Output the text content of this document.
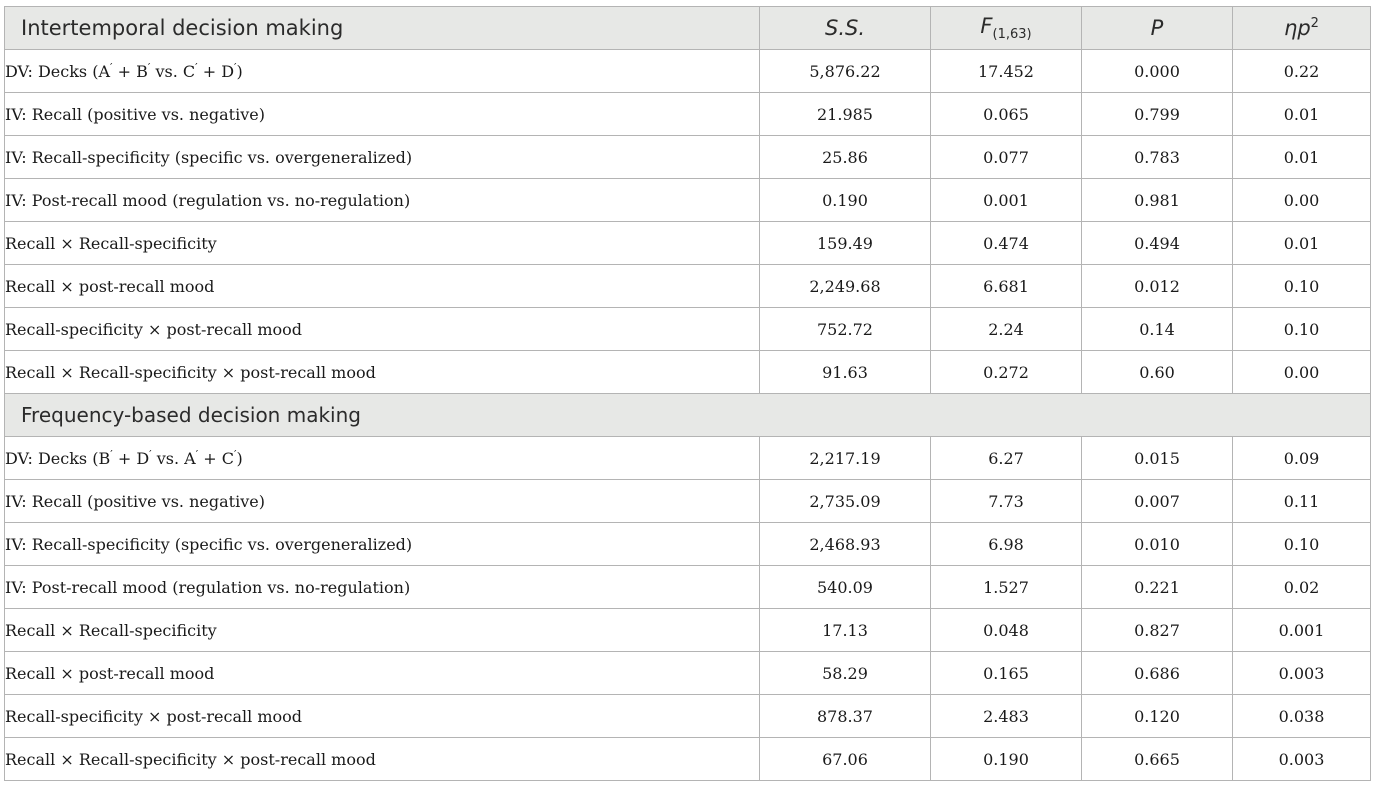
Intertemporal decision making	S.S.	$F_{(1,63)}$	P	$\eta p^2$
DV: Decks (A′ + B′ vs. C′ + D′)	5,876.22	17.452	0.000	0.22
IV: Recall (positive vs. negative)	21.985	0.065	0.799	0.01
IV: Recall-specificity (specific vs. overgeneralized)	25.86	0.077	0.783	0.01
IV: Post-recall mood (regulation vs. no-regulation)	0.190	0.001	0.981	0.00
Recall × Recall-specificity	159.49	0.474	0.494	0.01
Recall × post-recall mood	2,249.68	6.681	0.012	0.10
Recall-specificity × post-recall mood	752.72	2.24	0.14	0.10
Recall × Recall-specificity × post-recall mood	91.63	0.272	0.60	0.00
Frequency-based decision making				
DV: Decks (B′ + D′ vs. A′ + C′)	2,217.19	6.27	0.015	0.09
IV: Recall (positive vs. negative)	2,735.09	7.73	0.007	0.11
IV: Recall-specificity (specific vs. overgeneralized)	2,468.93	6.98	0.010	0.10
IV: Post-recall mood (regulation vs. no-regulation)	540.09	1.527	0.221	0.02
Recall × Recall-specificity	17.13	0.048	0.827	0.001
Recall × post-recall mood	58.29	0.165	0.686	0.003
Recall-specificity × post-recall mood	878.37	2.483	0.120	0.038
Recall × Recall-specificity × post-recall mood	67.06	0.190	0.665	0.003
